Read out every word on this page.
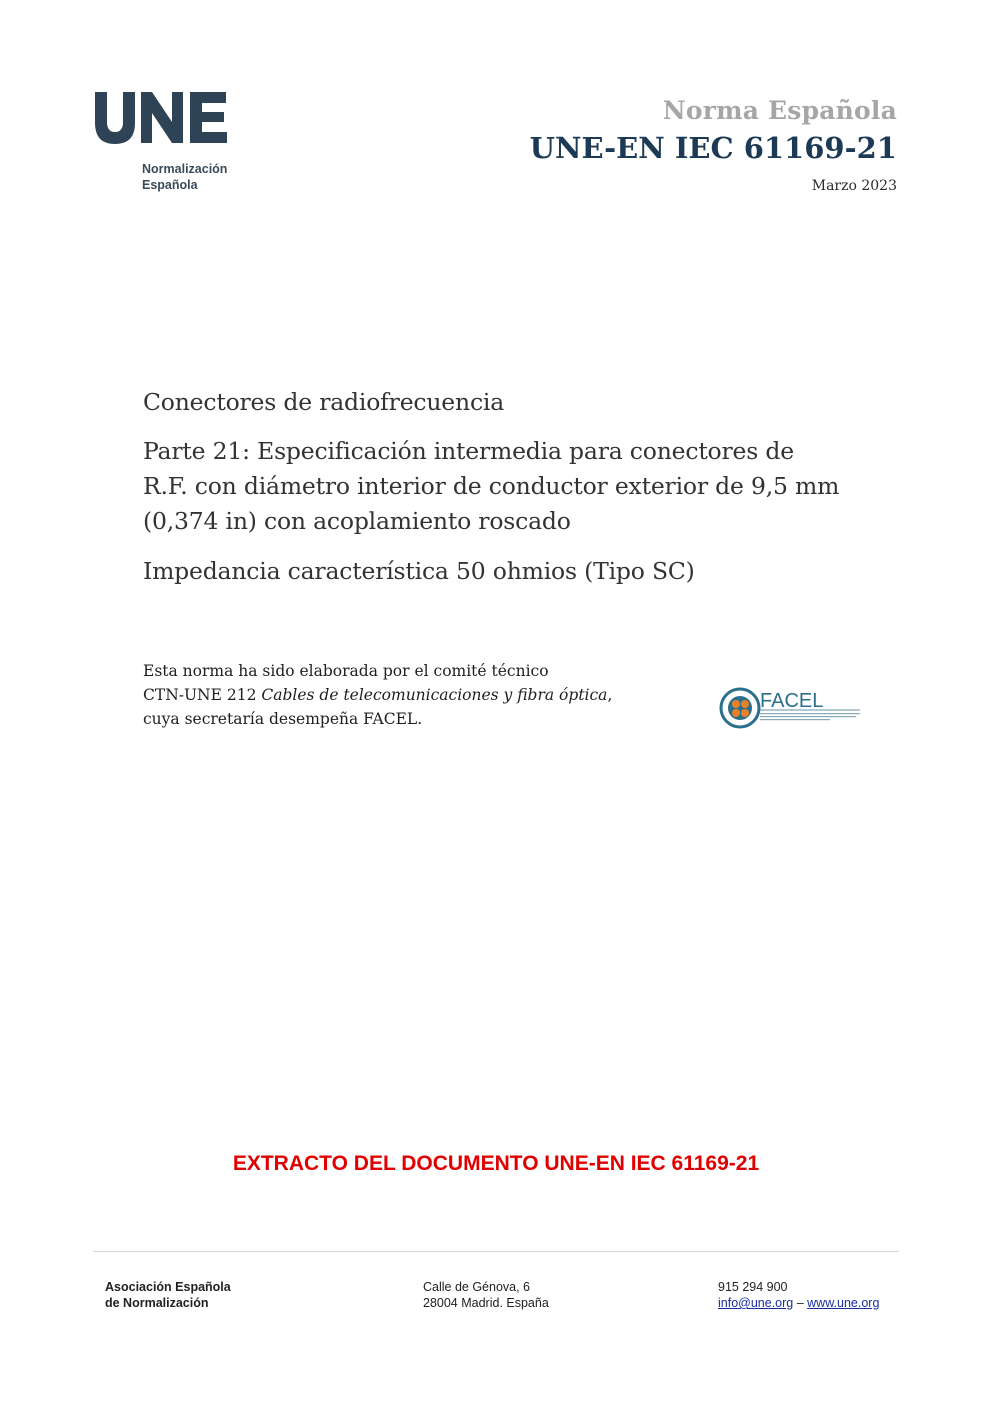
Normalización
Española
Norma Española
UNE-EN IEC 61169-21
Marzo 2023
Conectores de radiofrecuencia
Parte 21: Especificación intermedia para conectores de
R.F. con diámetro interior de conductor exterior de 9,5 mm
(0,374 in) con acoplamiento roscado
Impedancia característica 50 ohmios (Tipo SC)
Esta norma ha sido elaborada por el comité técnico
CTN-UNE 212 Cables de telecomunicaciones y fibra óptica,
cuya secretaría desempeña FACEL.
FACEL
EXTRACTO DEL DOCUMENTO UNE-EN IEC 61169-21
Asociación Española
de Normalización
Calle de Génova, 6
28004 Madrid. España
915 294 900
info@une.org – www.une.org
